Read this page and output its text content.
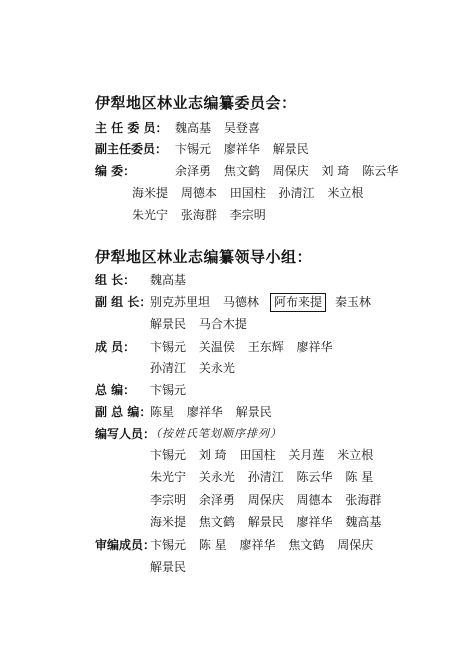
伊犁地区林业志编纂委员会：
主 任 委 员： 魏高基 吴登喜
副主任委员： 卞锡元 廖祥华 解景民
编 委：	余泽勇 焦文鹤 周保庆 刘 琦 陈云华
海米提 周德本 田国柱 孙清江 米立根
朱光宁 张海群 李宗明
伊犁地区林业志编纂领导小组：
组 长： 魏高基
副 组 长：
别克苏里坦 马德林	阿布来提	秦玉林
解景民 马合木提
成 员： 卞锡元 关温侯 王东辉 廖祥华
孙清江 关永光
总 编： 卞锡元
副 总 编：
陈星 廖祥华 解景民
编写人员：
（按姓氏笔划顺序排列）
卞锡元 刘 琦 田国柱 关月莲 米立根
朱光宁 关永光 孙清江 陈云华 陈 星
李宗明 余泽勇 周保庆 周德本 张海群
海米提 焦文鹤 解景民 廖祥华 魏高基
审编成员：
卞锡元 陈 星 廖祥华 焦文鹤 周保庆
解景民
